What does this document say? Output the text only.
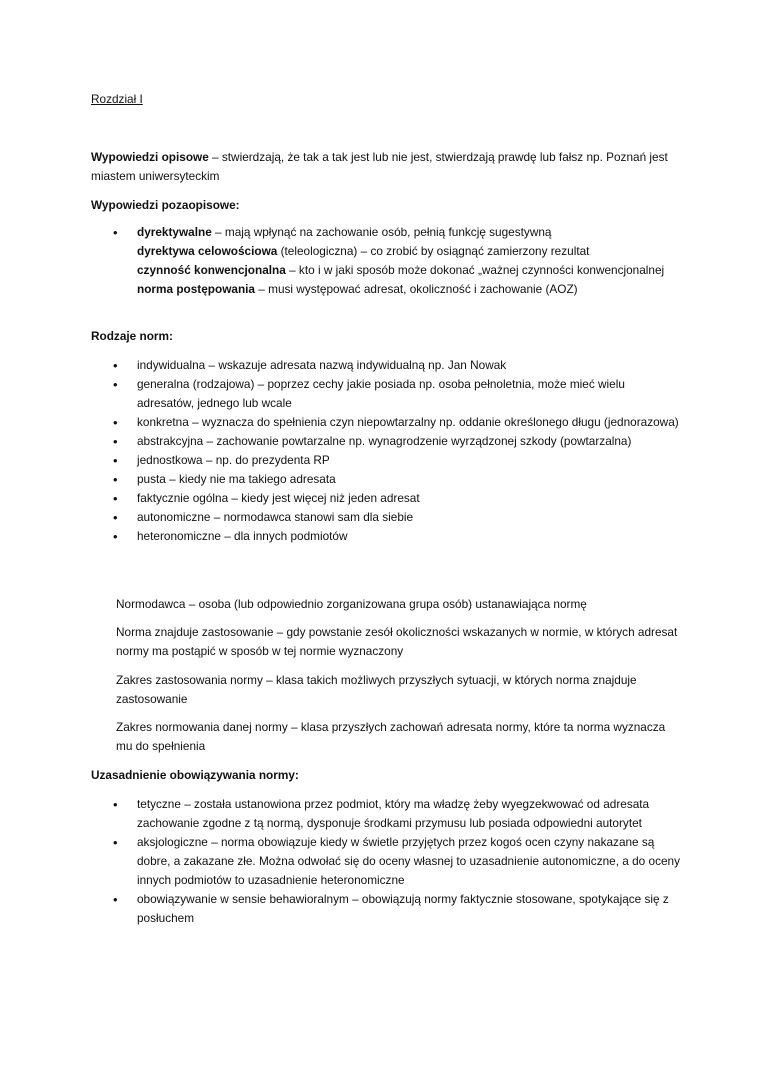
Rozdział I
Wypowiedzi opisowe – stwierdzają, że tak a tak jest lub nie jest, stwierdzają prawdę lub fałsz np. Poznań jest miastem uniwersyteckim
Wypowiedzi pozaopisowe:
• dyrektywalne – mają wpłynąć na zachowanie osób, pełnią funkcję sugestywną
dyrektywa celowościowa (teleologiczna) – co zrobić by osiągnąć zamierzony rezultat
czynność konwencjonalna – kto i w jaki sposób może dokonać „ważnej czynności konwencjonalnej
norma postępowania – musi występować adresat, okoliczność i zachowanie (AOZ)
Rodzaje norm:
• indywidualna – wskazuje adresata nazwą indywidualną np. Jan Nowak
• generalna (rodzajowa) – poprzez cechy jakie posiada np. osoba pełnoletnia, może mieć wielu adresatów, jednego lub wcale
• konkretna – wyznacza do spełnienia czyn niepowtarzalny np. oddanie określonego długu (jednorazowa)
• abstrakcyjna – zachowanie powtarzalne np. wynagrodzenie wyrządzonej szkody (powtarzalna)
• jednostkowa – np. do prezydenta RP
• pusta – kiedy nie ma takiego adresata
• faktycznie ogólna – kiedy jest więcej niż jeden adresat
• autonomiczne – normodawca stanowi sam dla siebie
• heteronomiczne – dla innych podmiotów
Normodawca – osoba (lub odpowiednio zorganizowana grupa osób) ustanawiająca normę
Norma znajduje zastosowanie – gdy powstanie zesół okoliczności wskazanych w normie, w których adresat normy ma postąpić w sposób w tej normie wyznaczony
Zakres zastosowania normy – klasa takich możliwych przyszłych sytuacji, w których norma znajduje zastosowanie
Zakres normowania danej normy – klasa przyszłych zachowań adresata normy, które ta norma wyznacza mu do spełnienia
Uzasadnienie obowiązywania normy:
• tetyczne – została ustanowiona przez podmiot, który ma władzę żeby wyegzekwować od adresata zachowanie zgodne z tą normą, dysponuje środkami przymusu lub posiada odpowiedni autorytet
• aksjologiczne – norma obowiązuje kiedy w świetle przyjętych przez kogoś ocen czyny nakazane są dobre, a zakazane złe. Można odwołać się do oceny własnej to uzasadnienie autonomiczne, a do oceny innych podmiotów to uzasadnienie heteronomiczne
• obowiązywanie w sensie behawioralnym – obowiązują normy faktycznie stosowane, spotykające się z posłuchem
